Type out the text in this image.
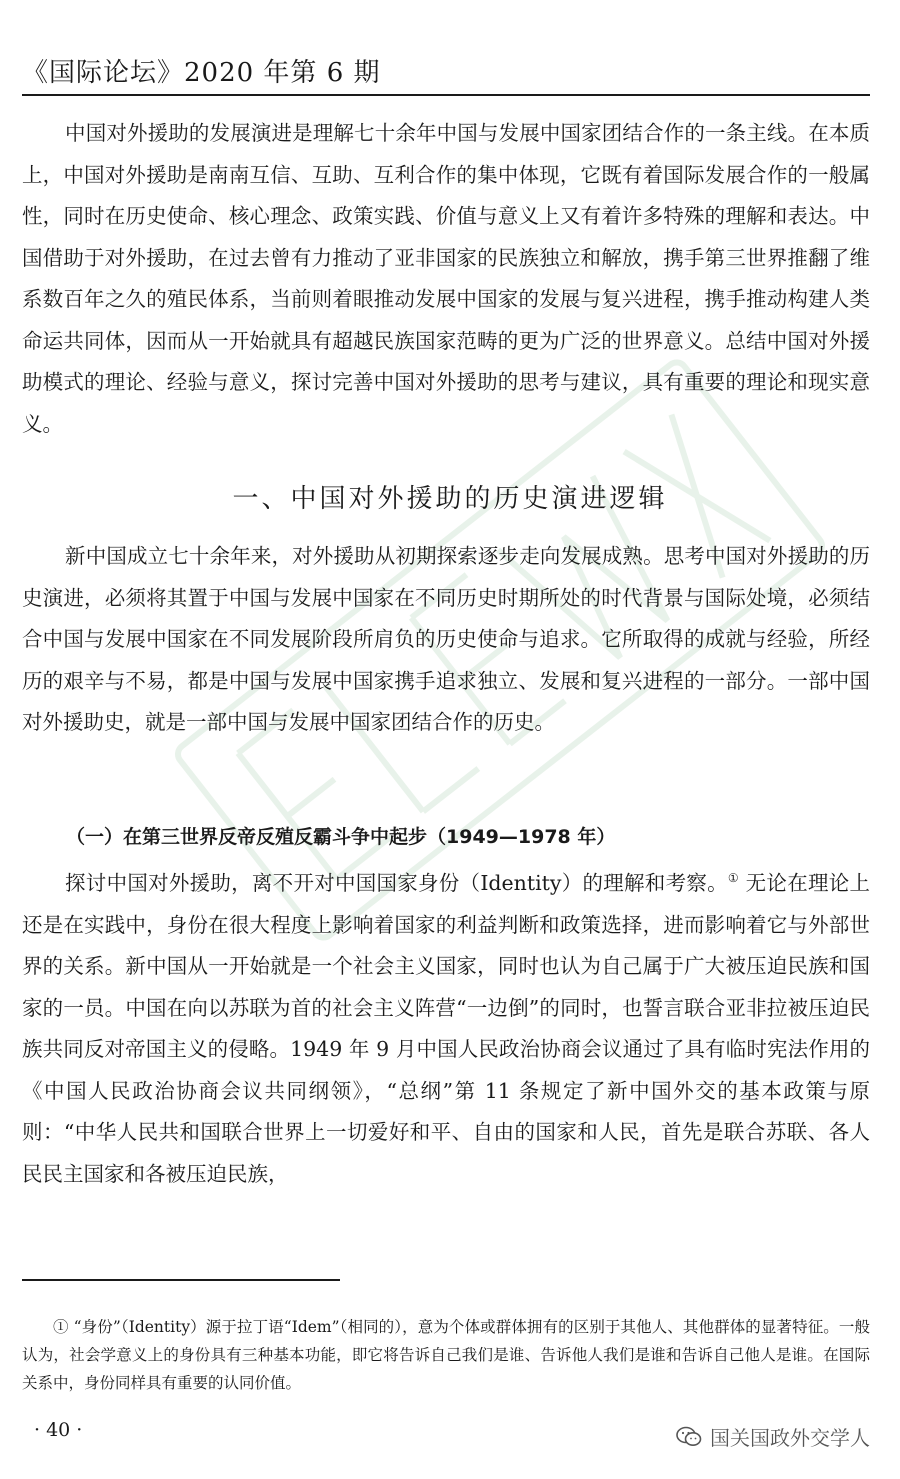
《国际论坛》2020 年第 6 期

中国对外援助的发展演进是理解七十余年中国与发展中国家团结合作的一条主线。在本质上，中国对外援助是南南互信、互助、互利合作的集中体现，它既有着国际发展合作的一般属性，同时在历史使命、核心理念、政策实践、价值与意义上又有着许多特殊的理解和表达。中国借助于对外援助，在过去曾有力推动了亚非国家的民族独立和解放，携手第三世界推翻了维系数百年之久的殖民体系，当前则着眼推动发展中国家的发展与复兴进程，携手推动构建人类命运共同体，因而从一开始就具有超越民族国家范畴的更为广泛的世界意义。总结中国对外援助模式的理论、经验与意义，探讨完善中国对外援助的思考与建议，具有重要的理论和现实意义。

一、中国对外援助的历史演进逻辑

新中国成立七十余年来，对外援助从初期探索逐步走向发展成熟。思考中国对外援助的历史演进，必须将其置于中国与发展中国家在不同历史时期所处的时代背景与国际处境，必须结合中国与发展中国家在不同发展阶段所肩负的历史使命与追求。它所取得的成就与经验，所经历的艰辛与不易，都是中国与发展中国家携手追求独立、发展和复兴进程的一部分。一部中国对外援助史，就是一部中国与发展中国家团结合作的历史。

（一）在第三世界反帝反殖反霸斗争中起步（1949—1978 年）

探讨中国对外援助，离不开对中国国家身份（Identity）的理解和考察。① 无论在理论上还是在实践中，身份在很大程度上影响着国家的利益判断和政策选择，进而影响着它与外部世界的关系。新中国从一开始就是一个社会主义国家，同时也认为自己属于广大被压迫民族和国家的一员。中国在向以苏联为首的社会主义阵营“一边倒”的同时，也誓言联合亚非拉被压迫民族共同反对帝国主义的侵略。1949 年 9 月中国人民政治协商会议通过了具有临时宪法作用的《中国人民政治协商会议共同纲领》，“总纲”第 11 条规定了新中国外交的基本政策与原则：“中华人民共和国联合世界上一切爱好和平、自由的国家和人民，首先是联合苏联、各人民民主国家和各被压迫民族，

① “身份”（Identity）源于拉丁语“Idem”（相同的），意为个体或群体拥有的区别于其他人、其他群体的显著特征。一般认为，社会学意义上的身份具有三种基本功能，即它将告诉自己我们是谁、告诉他人我们是谁和告诉自己他人是谁。在国际关系中，身份同样具有重要的认同价值。

· 40 ·	国关国政外交学人
